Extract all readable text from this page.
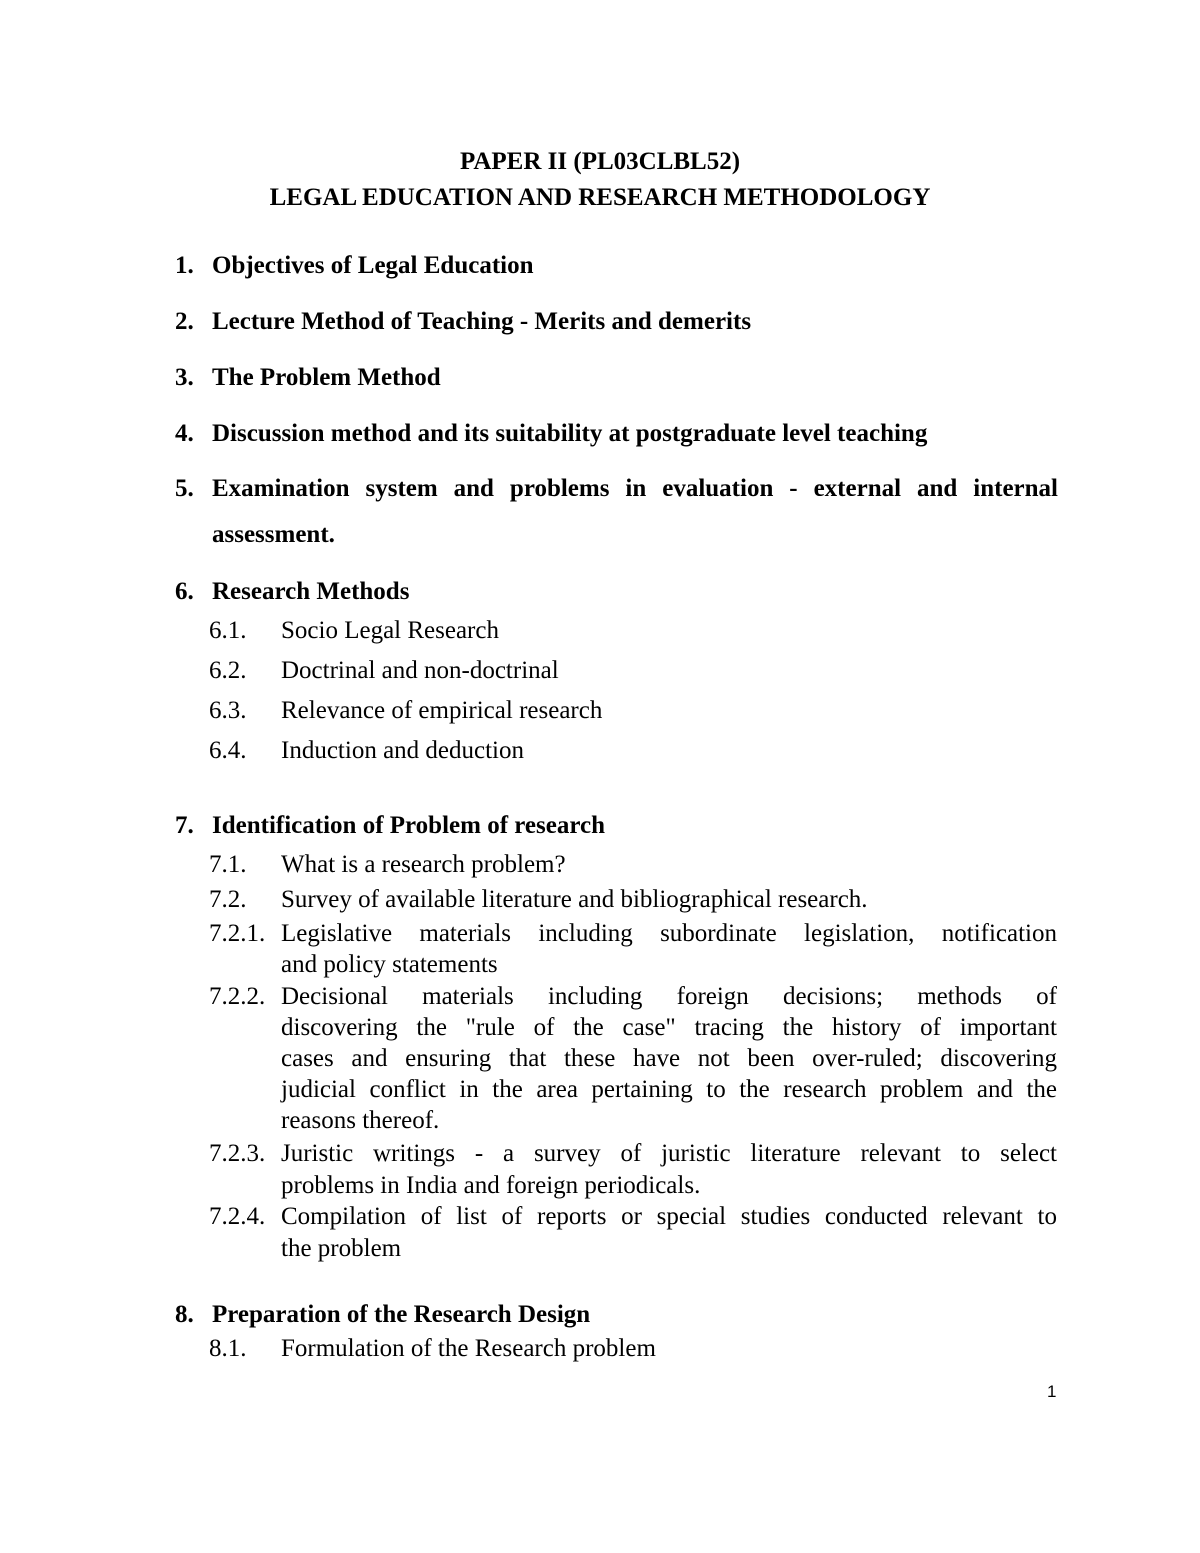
PAPER II (PL03CLBL52)
LEGAL EDUCATION AND RESEARCH METHODOLOGY
1. Objectives of Legal Education
2. Lecture Method of Teaching - Merits and demerits
3. The Problem Method
4. Discussion method and its suitability at postgraduate level teaching
5. Examination system and problems in evaluation - external and internal
assessment.
6. Research Methods
6.1. Socio Legal Research
6.2. Doctrinal and non-doctrinal
6.3. Relevance of empirical research
6.4. Induction and deduction
7. Identification of Problem of research
7.1. What is a research problem?
7.2. Survey of available literature and bibliographical research.
7.2.1. Legislative materials including subordinate legislation, notification
and policy statements
7.2.2. Decisional materials including foreign decisions; methods of
discovering the "rule of the case" tracing the history of important
cases and ensuring that these have not been over-ruled; discovering
judicial conflict in the area pertaining to the research problem and the
reasons thereof.
7.2.3. Juristic writings - a survey of juristic literature relevant to select
problems in India and foreign periodicals.
7.2.4. Compilation of list of reports or special studies conducted relevant to
the problem
8. Preparation of the Research Design
8.1. Formulation of the Research problem
1
